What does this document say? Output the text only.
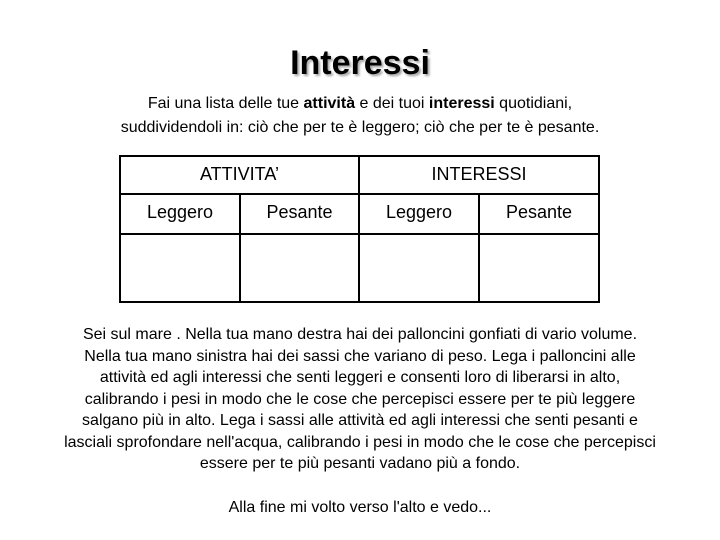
Interessi
Fai una lista delle tue attività e dei tuoi interessi quotidiani,
suddividendoli in: ciò che per te è leggero; ciò che per te è pesante.
ATTIVITA’	INTERESSI
Leggero	Pesante	Leggero	Pesante
Sei sul mare . Nella tua mano destra hai dei palloncini gonfiati di vario volume.
Nella tua mano sinistra hai dei sassi che variano di peso. Lega i palloncini alle
attività ed agli interessi che senti leggeri e consenti loro di liberarsi in alto,
calibrando i pesi in modo che le cose che percepisci essere per te più leggere
salgano più in alto. Lega i sassi alle attività ed agli interessi che senti pesanti e
lasciali sprofondare nell'acqua, calibrando i pesi in modo che le cose che percepisci
essere per te più pesanti vadano più a fondo.
Alla fine mi volto verso l'alto e vedo...
